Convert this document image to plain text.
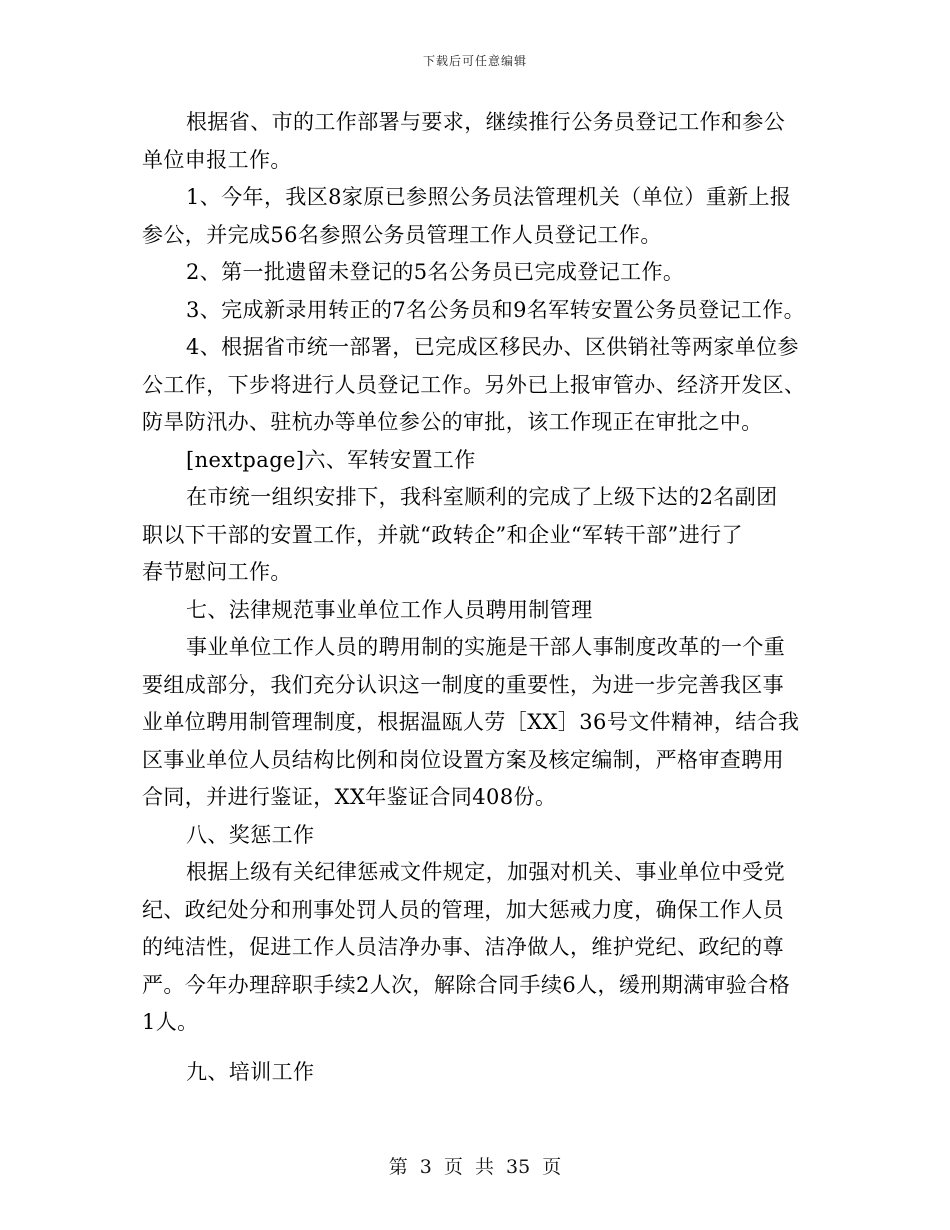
下载后可任意编辑
根据省、市的工作部署与要求，继续推行公务员登记工作和参公
单位申报工作。
1、今年，我区8家原已参照公务员法管理机关（单位）重新上报
参公，并完成56名参照公务员管理工作人员登记工作。
2、第一批遗留未登记的5名公务员已完成登记工作。
3、完成新录用转正的7名公务员和9名军转安置公务员登记工作。
4、根据省市统一部署，已完成区移民办、区供销社等两家单位参
公工作，下步将进行人员登记工作。另外已上报审管办、经济开发区、
防旱防汛办、驻杭办等单位参公的审批，该工作现正在审批之中。
[nextpage]六、军转安置工作
在市统一组织安排下，我科室顺利的完成了上级下达的2名副团
职以下干部的安置工作，并就“政转企”和企业“军转干部”进行了
春节慰问工作。
七、法律规范事业单位工作人员聘用制管理
事业单位工作人员的聘用制的实施是干部人事制度改革的一个重
要组成部分，我们充分认识这一制度的重要性，为进一步完善我区事
业单位聘用制管理制度，根据温瓯人劳［XX］36号文件精神，结合我
区事业单位人员结构比例和岗位设置方案及核定编制，严格审查聘用
合同，并进行鉴证，XX年鉴证合同408份。
八、奖惩工作
根据上级有关纪律惩戒文件规定，加强对机关、事业单位中受党
纪、政纪处分和刑事处罚人员的管理，加大惩戒力度，确保工作人员
的纯洁性，促进工作人员洁净办事、洁净做人，维护党纪、政纪的尊
严。今年办理辞职手续2人次，解除合同手续6人，缓刑期满审验合格
1人。
九、培训工作
第 3 页 共 35 页
